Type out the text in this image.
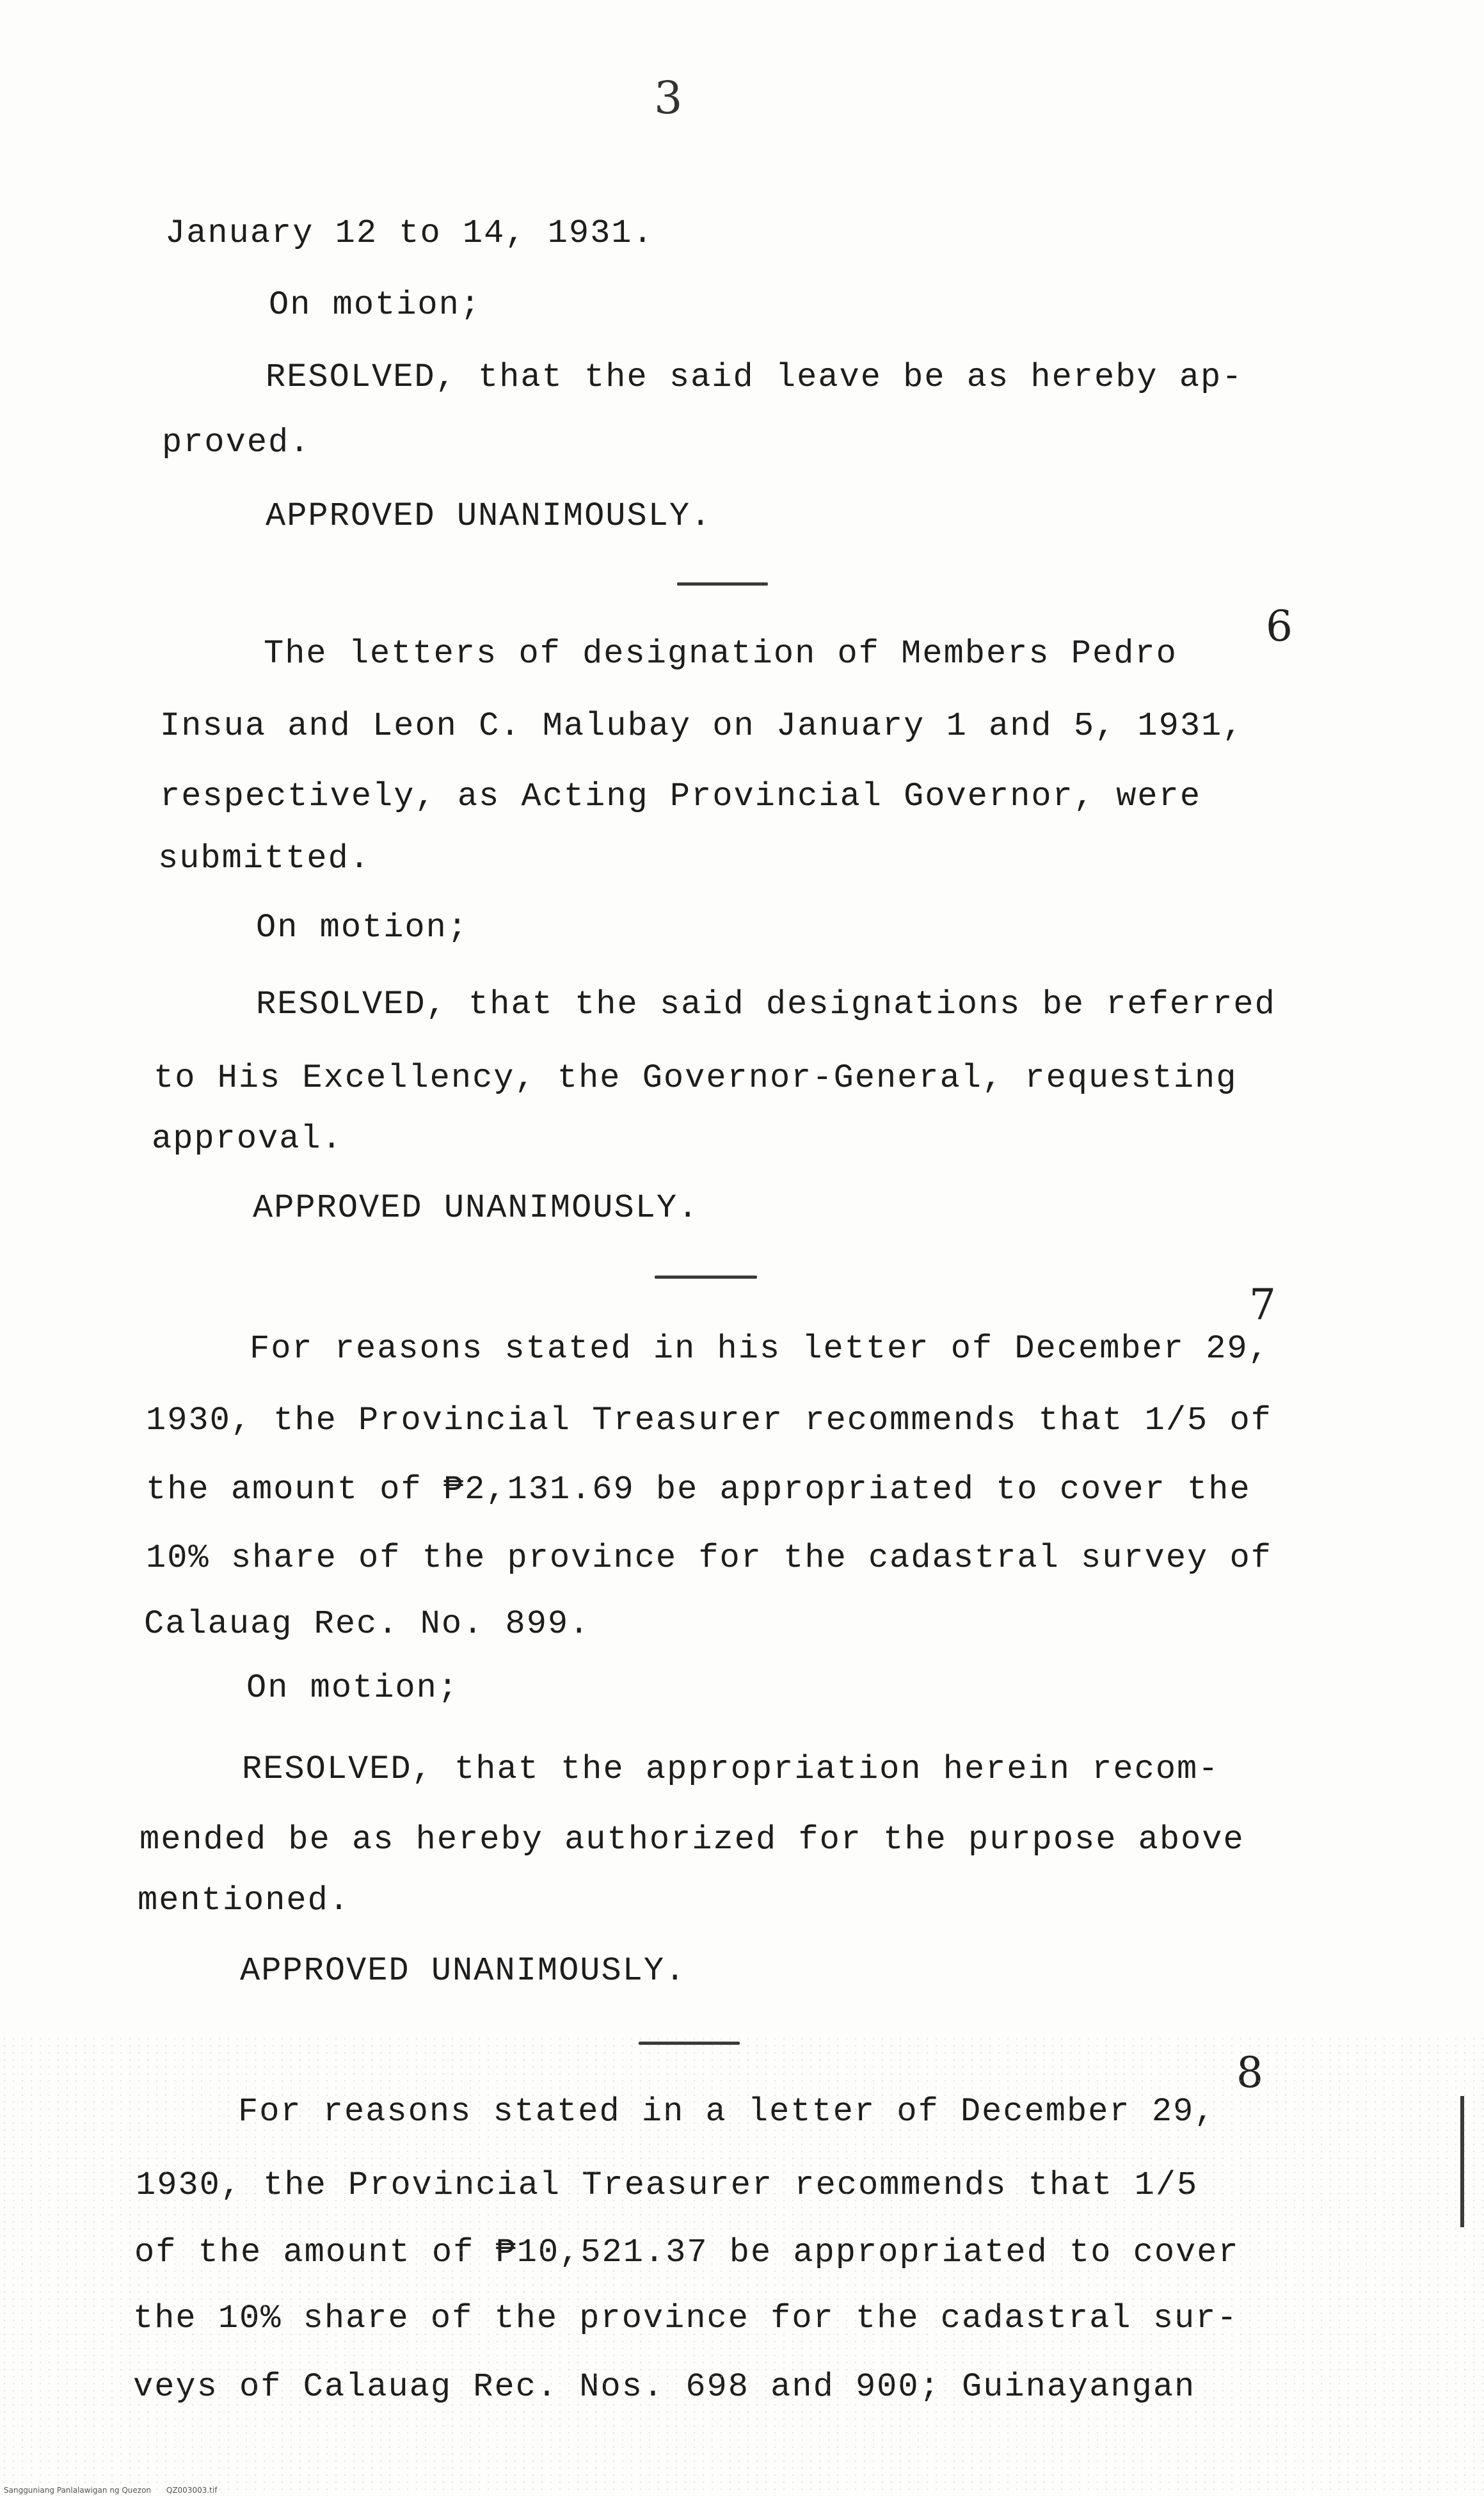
3
January 12 to 14, 1931.
On motion;
RESOLVED, that the said leave be as hereby ap-
proved.
APPROVED UNANIMOUSLY.
6
The letters of designation of Members Pedro
Insua and Leon C. Malubay on January 1 and 5, 1931,
respectively, as Acting Provincial Governor, were
submitted.
On motion;
RESOLVED, that the said designations be referred
to His Excellency, the Governor-General, requesting
approval.
APPROVED UNANIMOUSLY.
7
For reasons stated in his letter of December 29,
1930, the Provincial Treasurer recommends that 1/5 of
the amount of ₱2,131.69 be appropriated to cover the
10% share of the province for the cadastral survey of
Calauag Rec. No. 899.
On motion;
RESOLVED, that the appropriation herein recom-
mended be as hereby authorized for the purpose above
mentioned.
APPROVED UNANIMOUSLY.
8
For reasons stated in a letter of December 29,
1930, the Provincial Treasurer recommends that 1/5
of the amount of ₱10,521.37 be appropriated to cover
the 10% share of the province for the cadastral sur-
veys of Calauag Rec. Nos. 698 and 900; Guinayangan
Sangguniang Panlalawigan ng Quezon QZ003003.tif
